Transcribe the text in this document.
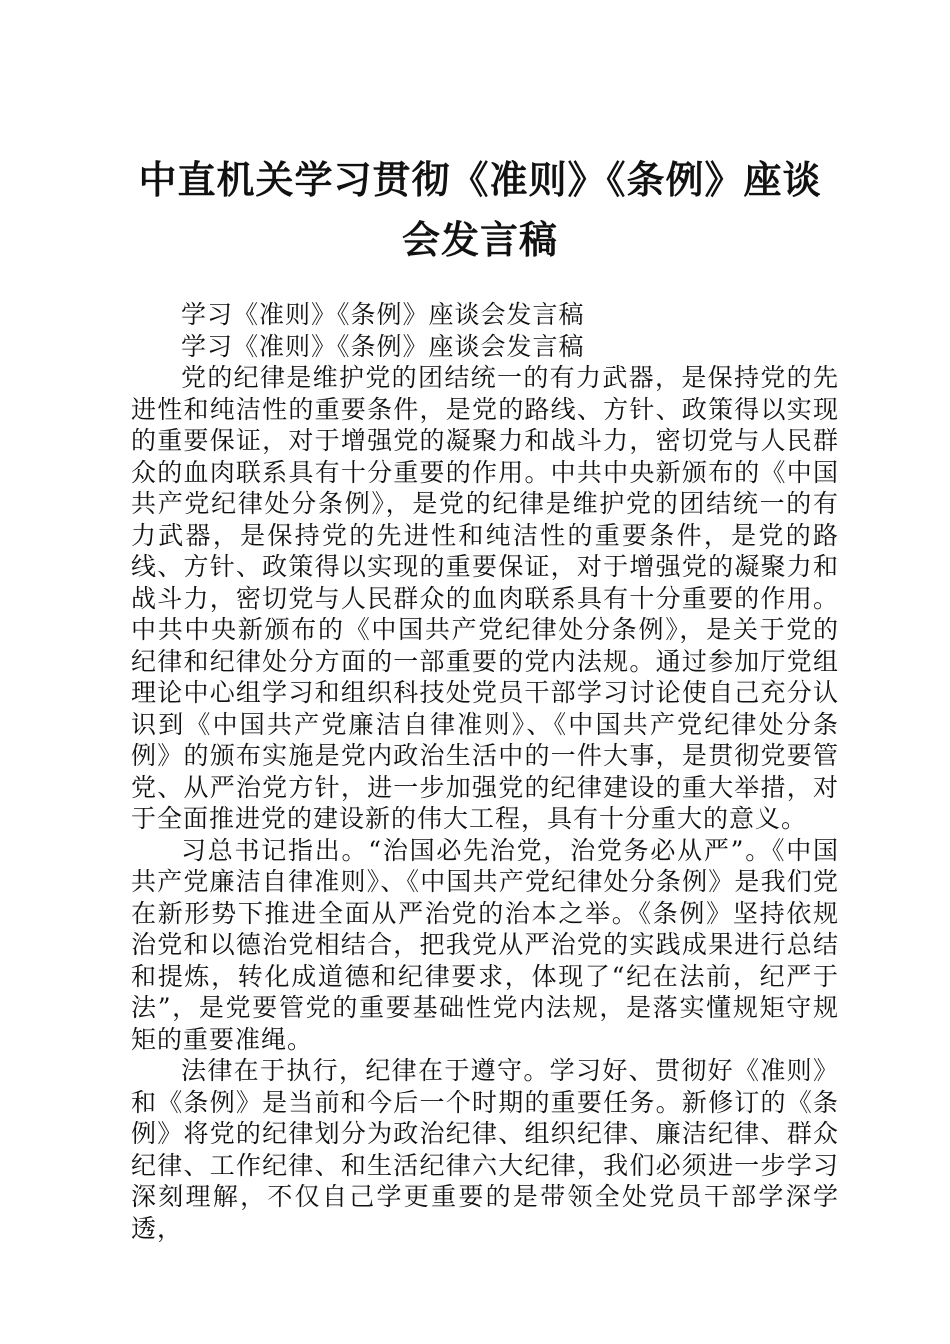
中直机关学习贯彻《准则》《条例》座谈会发言稿

学习《准则》《条例》座谈会发言稿

学习《准则》《条例》座谈会发言稿

党的纪律是维护党的团结统一的有力武器，是保持党的先进性和纯洁性的重要条件，是党的路线、方针、政策得以实现的重要保证，对于增强党的凝聚力和战斗力，密切党与人民群众的血肉联系具有十分重要的作用。中共中央新颁布的《中国共产党纪律处分条例》，是党的纪律是维护党的团结统一的有力武器，是保持党的先进性和纯洁性的重要条件，是党的路线、方针、政策得以实现的重要保证，对于增强党的凝聚力和战斗力，密切党与人民群众的血肉联系具有十分重要的作用。中共中央新颁布的《中国共产党纪律处分条例》，是关于党的纪律和纪律处分方面的一部重要的党内法规。通过参加厅党组理论中心组学习和组织科技处党员干部学习讨论使自己充分认识到《中国共产党廉洁自律准则》、《中国共产党纪律处分条例》的颁布实施是党内政治生活中的一件大事，是贯彻党要管党、从严治党方针，进一步加强党的纪律建设的重大举措，对于全面推进党的建设新的伟大工程，具有十分重大的意义。

习总书记指出。“治国必先治党，治党务必从严”。《中国共产党廉洁自律准则》、《中国共产党纪律处分条例》是我们党在新形势下推进全面从严治党的治本之举。《条例》坚持依规治党和以德治党相结合，把我党从严治党的实践成果进行总结和提炼，转化成道德和纪律要求，体现了“纪在法前，纪严于法”，是党要管党的重要基础性党内法规，是落实懂规矩守规矩的重要准绳。

法律在于执行，纪律在于遵守。学习好、贯彻好《准则》和《条例》是当前和今后一个时期的重要任务。新修订的《条例》将党的纪律划分为政治纪律、组织纪律、廉洁纪律、群众纪律、工作纪律、和生活纪律六大纪律，我们必须进一步学习深刻理解，不仅自己学更重要的是带领全处党员干部学深学透，
